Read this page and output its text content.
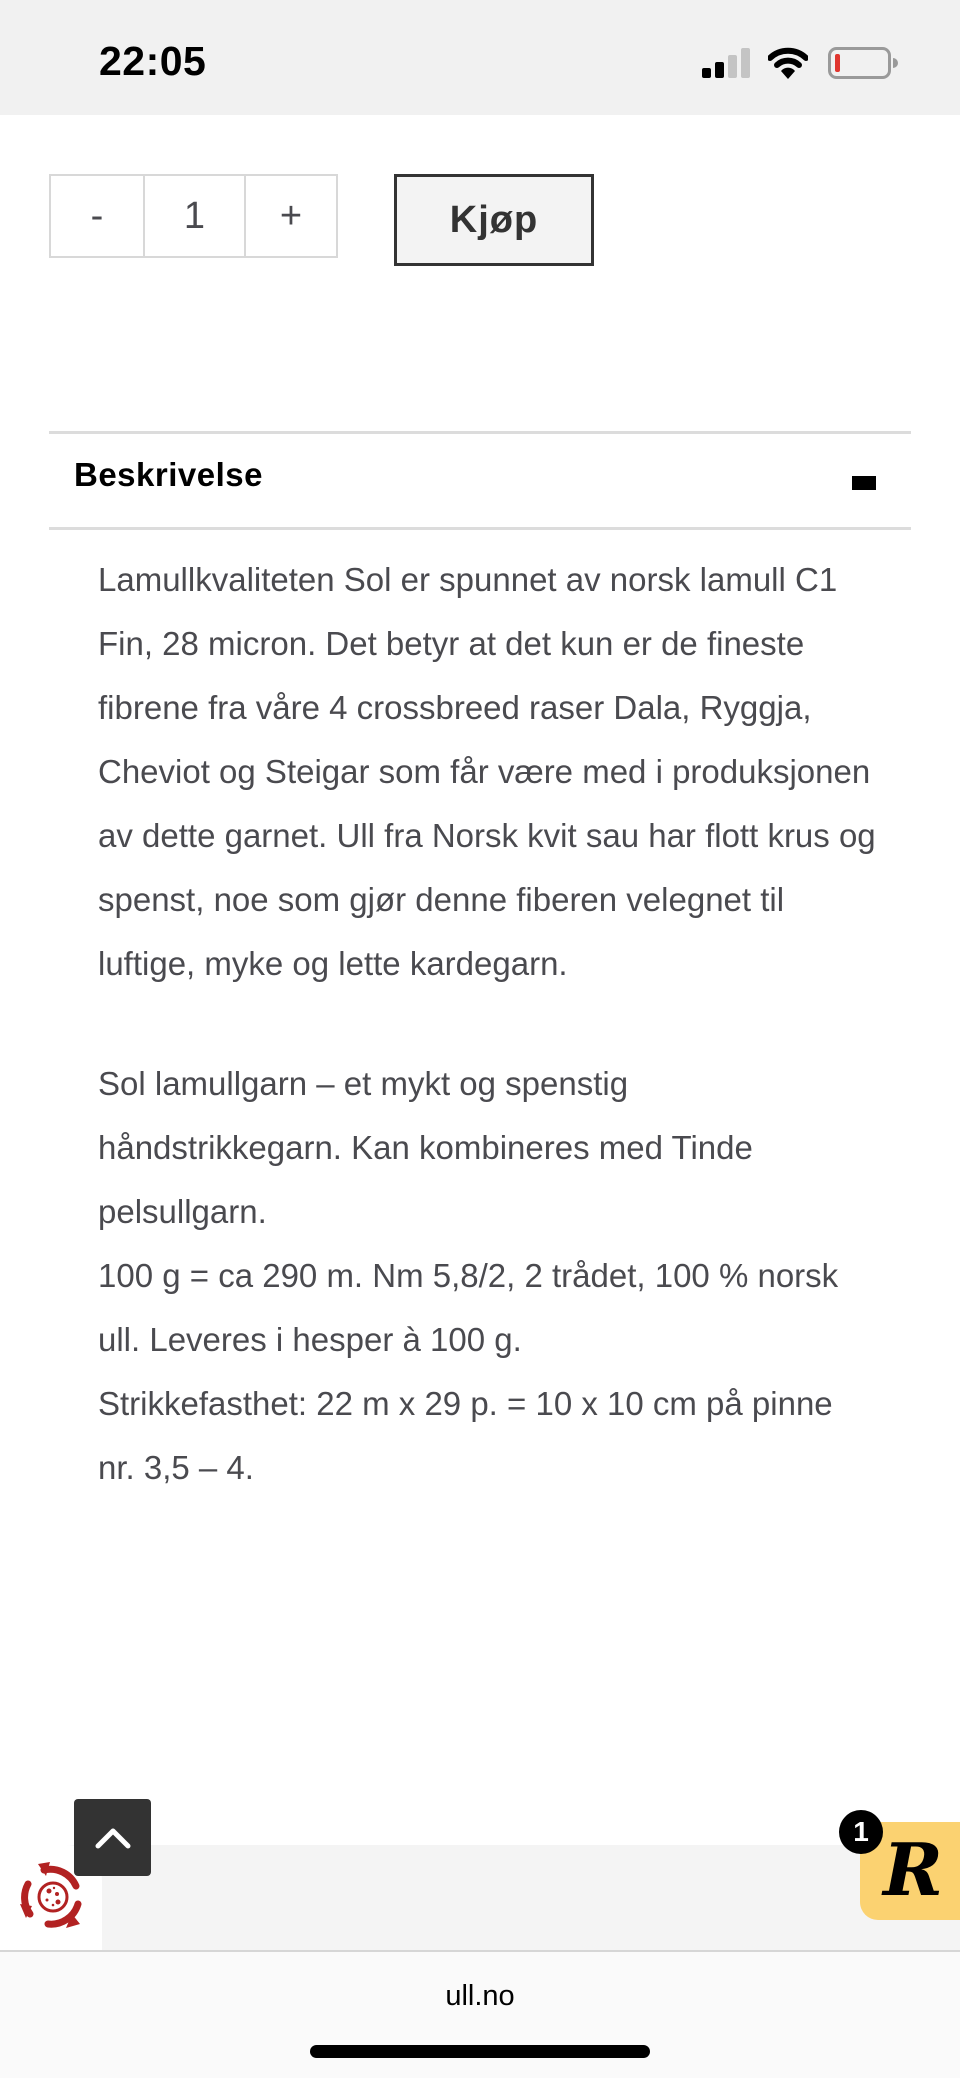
22:05
-	1	+	Kjøp
Beskrivelse

Lamullkvaliteten Sol er spunnet av norsk lamull C1 Fin, 28 micron. Det betyr at det kun er de fineste fibrene fra våre 4 crossbreed raser Dala, Ryggja, Cheviot og Steigar som får være med i produksjonen av dette garnet. Ull fra Norsk kvit sau har flott krus og spenst, noe som gjør denne fiberen velegnet til luftige, myke og lette kardegarn.

Sol lamullgarn – et mykt og spenstig håndstrikkegarn. Kan kombineres med Tinde pelsullgarn.

100 g = ca 290 m. Nm 5,8/2, 2 trådet, 100 % norsk ull. Leveres i hesper à 100 g.

Strikkefasthet: 22 m x 29 p. = 10 x 10 cm på pinne nr. 3,5 – 4.

R
1
ull.no
